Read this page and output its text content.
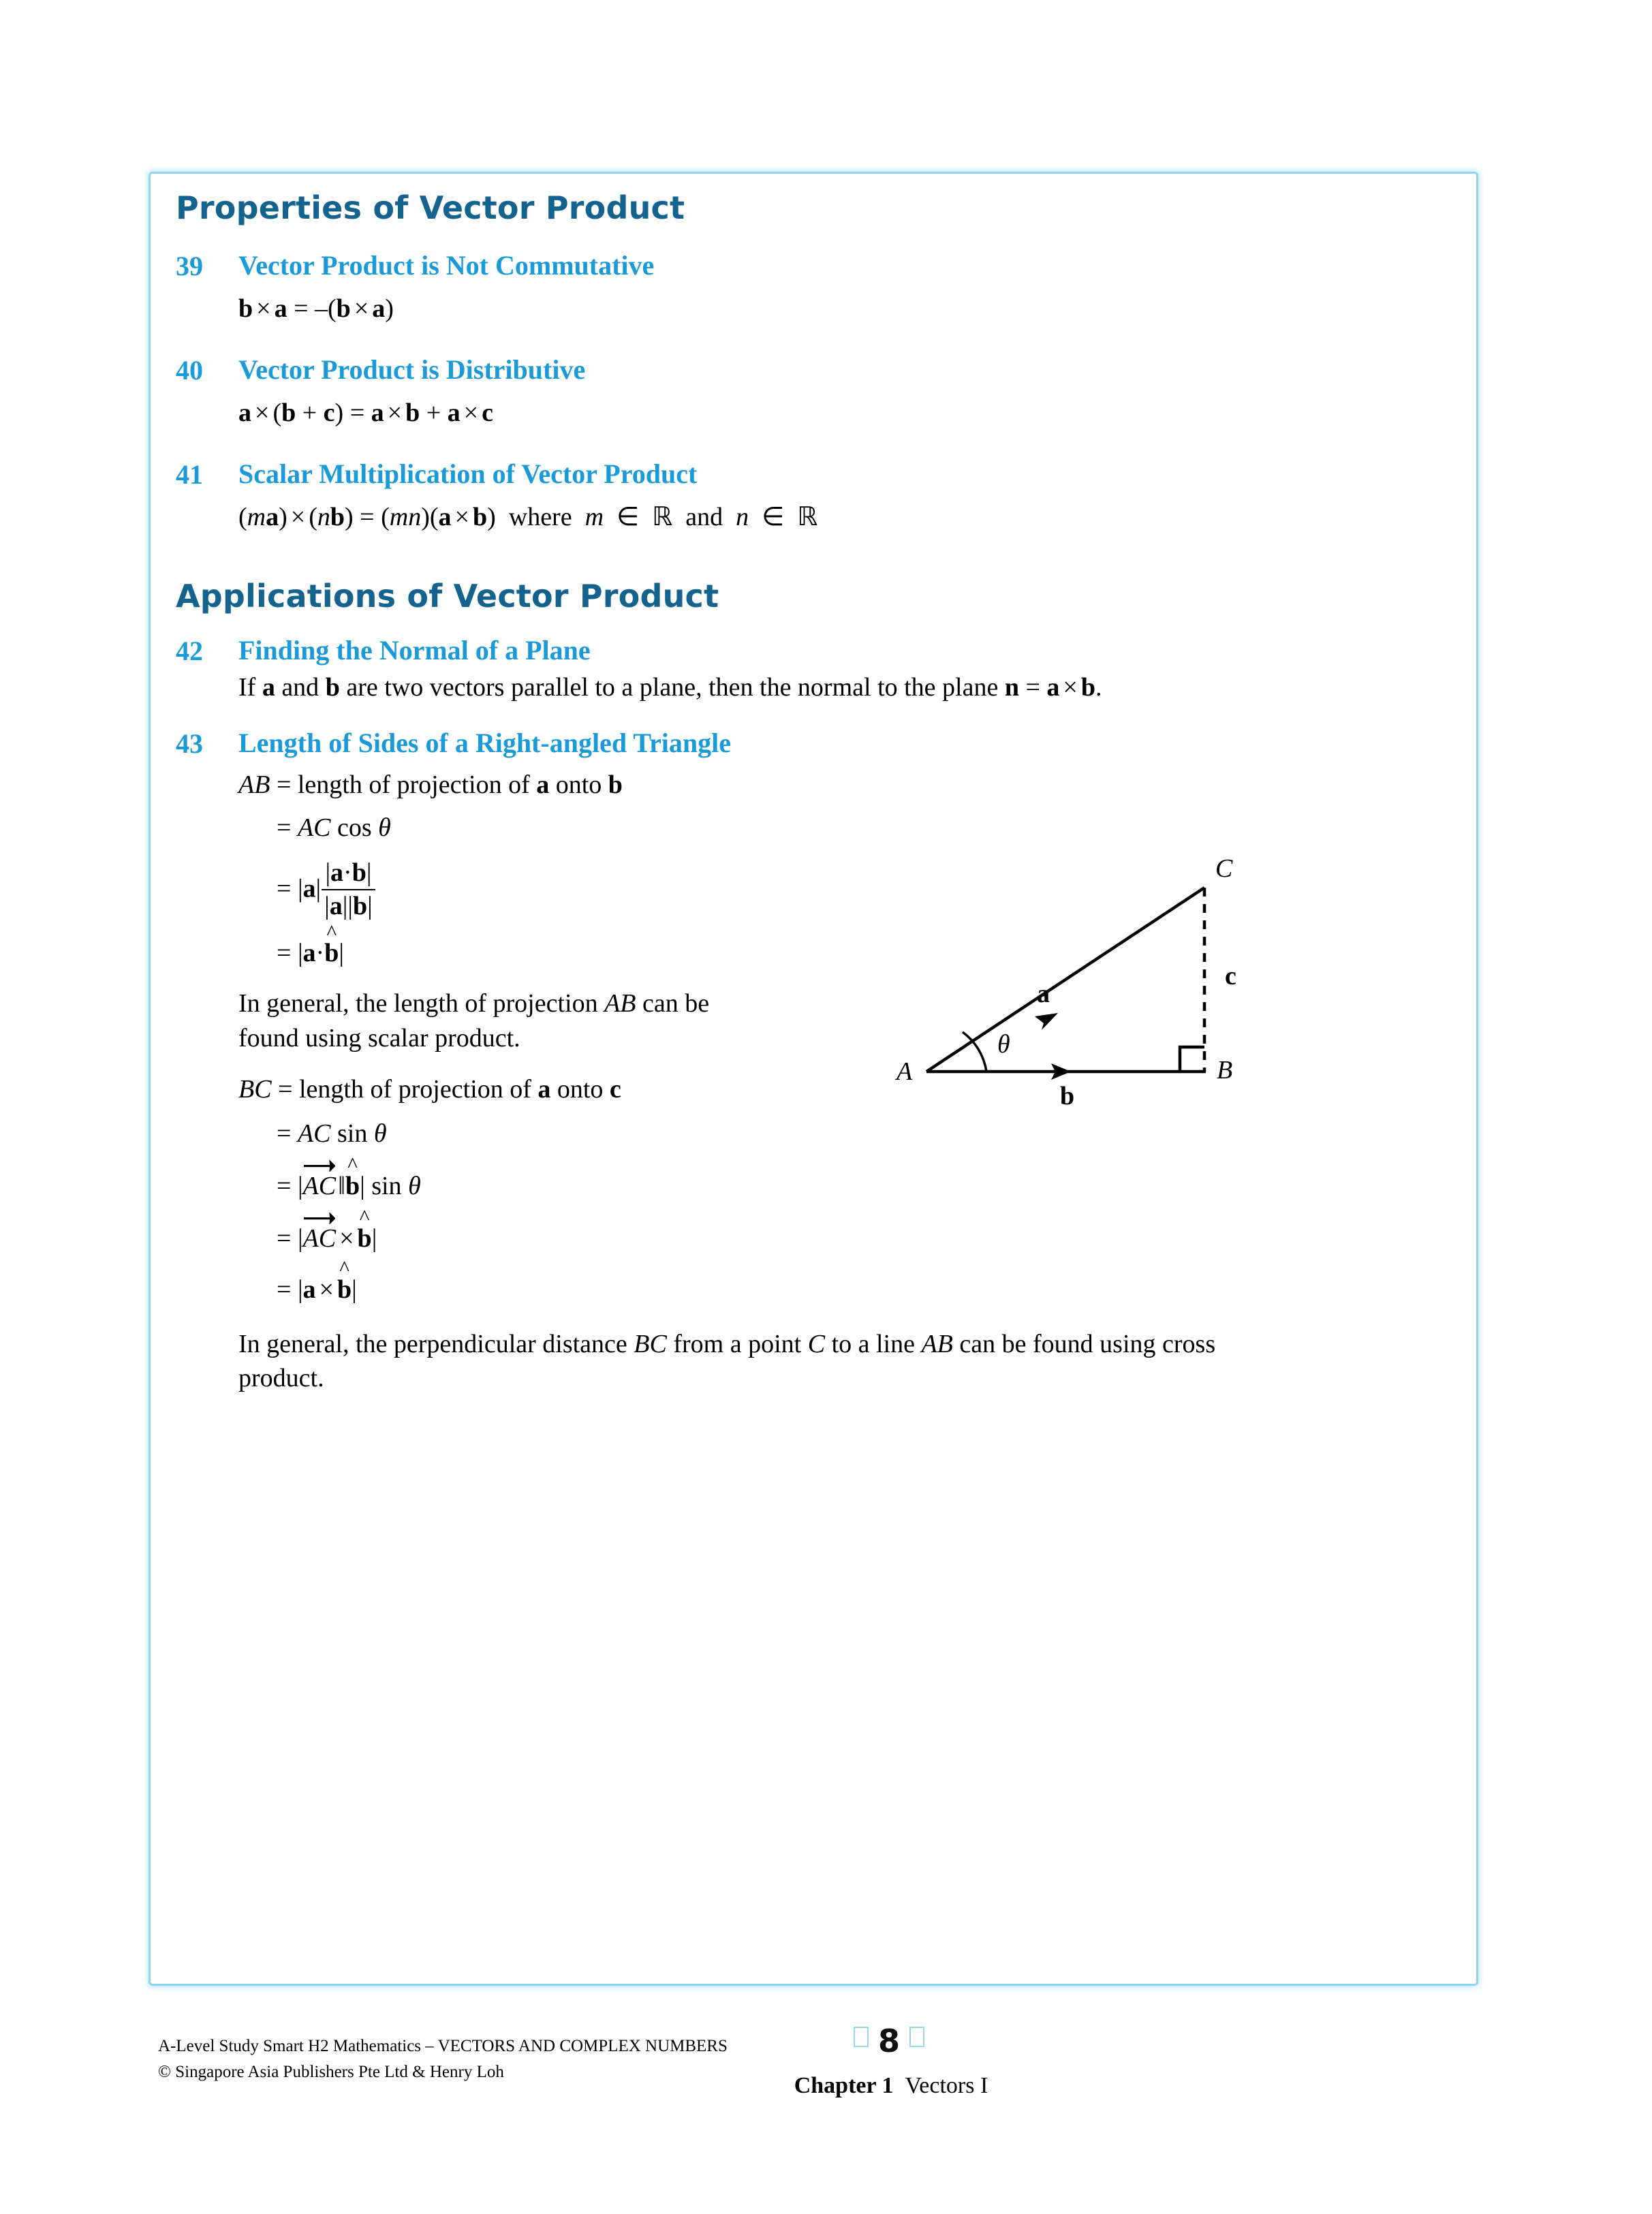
Properties of Vector Product
39	Vector Product is Not Commutative
b × a = –(b × a)
40	Vector Product is Distributive
a × (b + c) = a × b + a × c
41	Scalar Multiplication of Vector Product
(ma) × (nb) = (mn)(a × b) where m ∈ ℝ and n ∈ ℝ
Applications of Vector Product
42	Finding the Normal of a Plane
If a and b are two vectors parallel to a plane, then the normal to the plane n = a × b.
43	Length of Sides of a Right-angled Triangle
AB = length of projection of a onto b
= AC cos θ
= $|a| \frac{|a\cdot b|}{|a||b|}$
= |a·
^
b|
In general, the length of projection AB can be
found using scalar product.
BC = length of projection of a onto c
= AC sin θ
= |
AC ‖
^
b| sin θ
= |
AC ×
^
b|
= |a ×
^
b|
In general, the perpendicular distance BC from a point C to a line AB can be found using cross
product.
A	B
C
a
b
c
θ
A-Level Study Smart H2 Mathematics – VECTORS AND COMPLEX NUMBERS
© Singapore Asia Publishers Pte Ltd & Henry Loh
8
Chapter 1 Vectors I
